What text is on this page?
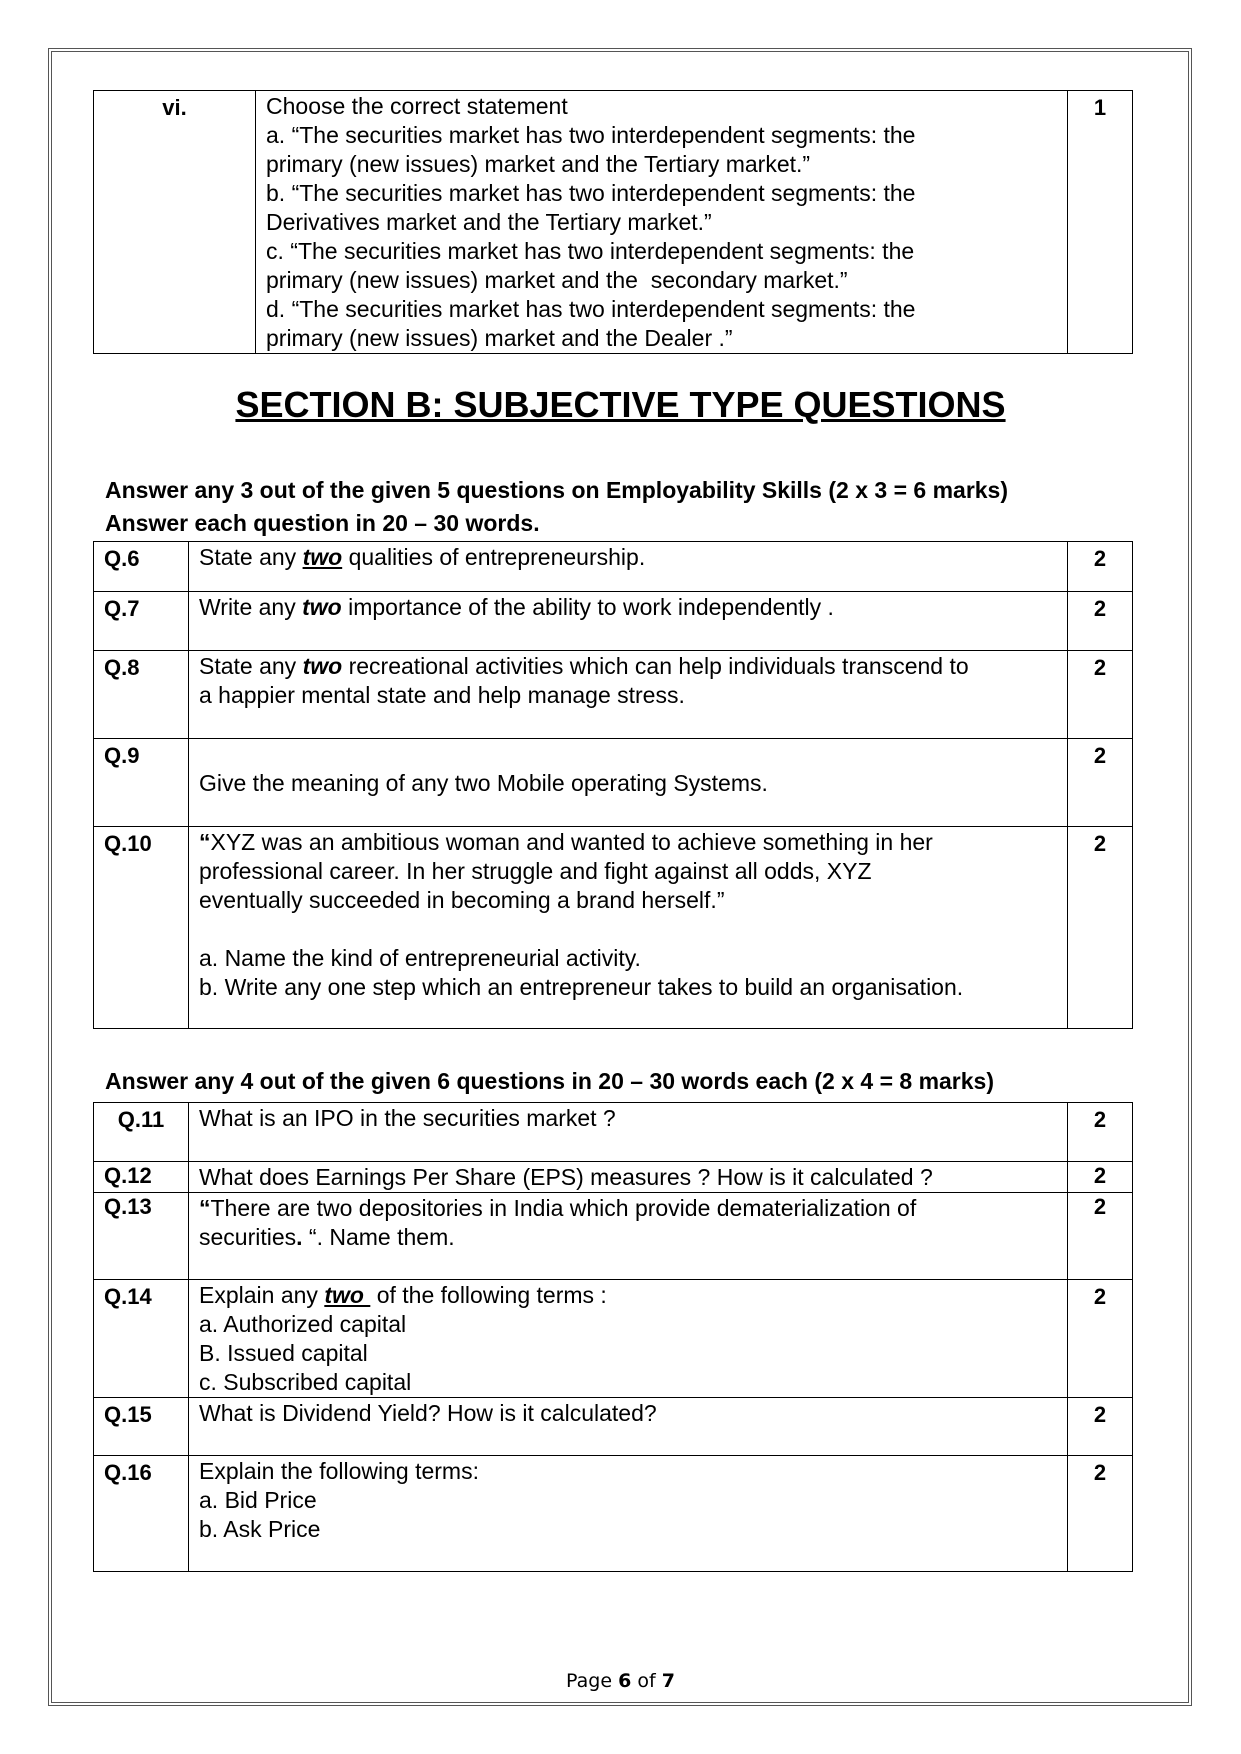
vi.	Choose the correct statement
a. “The securities market has two interdependent segments: the
primary (new issues) market and the Tertiary market.”
b. “The securities market has two interdependent segments: the
Derivatives market and the Tertiary market.”
c. “The securities market has two interdependent segments: the
primary (new issues) market and the  secondary market.”
d. “The securities market has two interdependent segments: the
primary (new issues) market and the Dealer .”
	1
SECTION B: SUBJECTIVE TYPE QUESTIONS
Answer any 3 out of the given 5 questions on Employability Skills (2 x 3 = 6 marks)
Answer each question in 20 – 30 words.
Q.6	State any two qualities of entrepreneurship.	2
Q.7	Write any two importance of the ability to work independently .	2
Q.8	State any two recreational activities which can help individuals transcend to
a happier mental state and help manage stress.	2
Q.9	Give the meaning of any two Mobile operating Systems.	2
Q.10	“XYZ was an ambitious woman and wanted to achieve something in her
professional career. In her struggle and fight against all odds, XYZ
eventually succeeded in becoming a brand herself.”
a. Name the kind of entrepreneurial activity.
b. Write any one step which an entrepreneur takes to build an organisation.	2
Answer any 4 out of the given 6 questions in 20 – 30 words each (2 x 4 = 8 marks)
Q.11	What is an IPO in the securities market ?	2
Q.12	What does Earnings Per Share (EPS) measures ? How is it calculated ?	2
Q.13	“There are two depositories in India which provide dematerialization of
securities. “. Name them.	2
Q.14	Explain any two  of the following terms :
a. Authorized capital
B. Issued capital
c. Subscribed capital	2
Q.15	What is Dividend Yield? How is it calculated?	2
Q.16	Explain the following terms:
a. Bid Price
b. Ask Price	2
Page 6 of 7
